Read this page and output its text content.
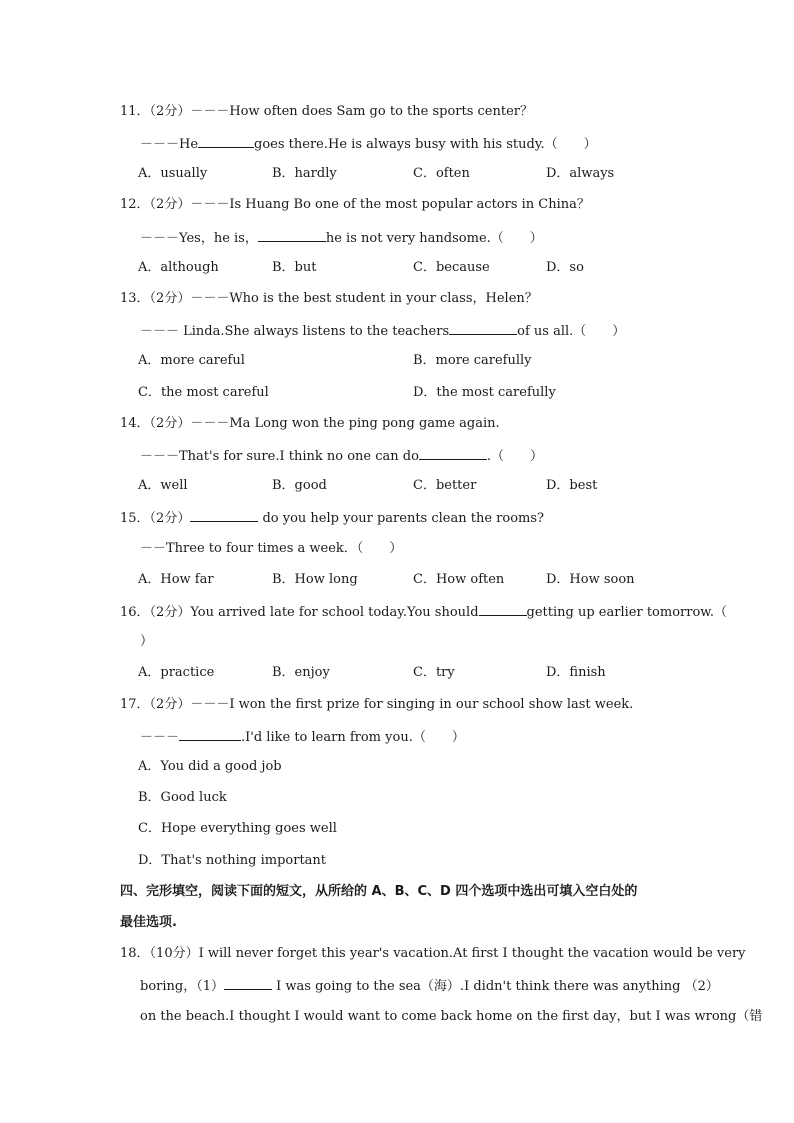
11．（2分）－－－How often does Sam go to the sports center？
－－－He	goes there.He is always busy with his study.（　　）
A．usually	B．hardly	C．often	D．always
12．（2分）－－－Is Huang Bo one of the most popular actors in China？
－－－Yes，he is，	he is not very handsome.（　　）
A．although	B．but	C．because	D．so
13．（2分）－－－Who is the best student in your class，Helen？
－－－ Linda.She always listens to the teachers	of us all.（　　）
A．more careful	B．more carefully
C．the most careful	D．the most carefully
14．（2分）－－－Ma Long won the ping pong game again.
－－－That's for sure.I think no one can do	.（　　）
A．well	B．good	C．better	D．best
15．（2分）	do you help your parents clean the rooms?
－－Three to four times a week．（　　）
A．How far	B．How long	C．How often	D．How soon
16．（2分）You arrived late for school today.You should	getting up earlier tomorrow.（
）
A．practice	B．enjoy	C．try	D．finish
17．（2分）－－－I won the first prize for singing in our school show last week.
－－－	.I'd like to learn from you.（　　）
A．You did a good job
B．Good luck
C．Hope everything goes well
D．That's nothing important
四、完形填空，阅读下面的短文，从所给的 A、B、C、D 四个选项中选出可填入空白处的
最佳选项.
18．（10分）I will never forget this year's vacation.At first I thought the vacation would be very
boring，（1）	I was going to the sea（海）.I didn't think there was anything （2）
on the beach.I thought I would want to come back home on the first day，but I was wrong（错
